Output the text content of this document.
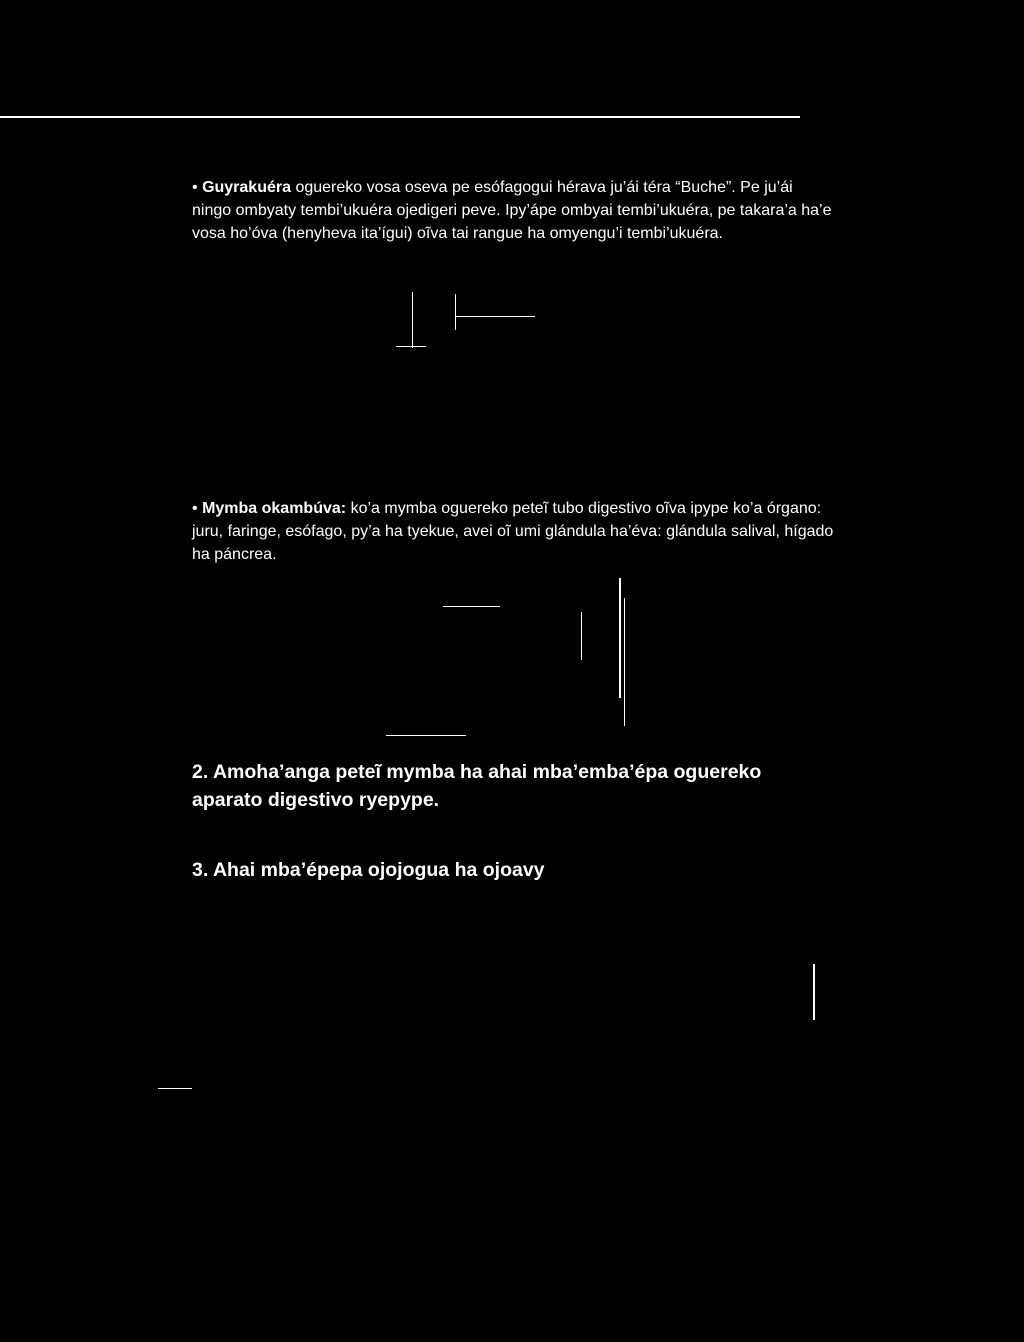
• Guyrakuéra oguereko vosa oseva pe esófagogui hérava ju’ái téra “Buche”. Pe ju’ái
ningo ombyaty tembi’ukuéra ojedigeri peve. Ipy’ápe ombyai tembi’ukuéra, pe takara’a ha’e
vosa ho’óva (henyheva ita’ígui) oĩva tai rangue ha omyengu’i tembi’ukuéra.
• Mymba okambúva: ko’a mymba oguereko peteĩ tubo digestivo oĩva ipype ko’a órgano:
juru, faringe, esófago, py’a ha tyekue, avei oĩ umi glándula ha’éva: glándula salival, hígado
ha páncrea.
2. Amoha’anga peteĩ mymba ha ahai mba’emba’épa oguereko
aparato digestivo ryepype.
3. Ahai mba’épepa ojojogua ha ojoavy
